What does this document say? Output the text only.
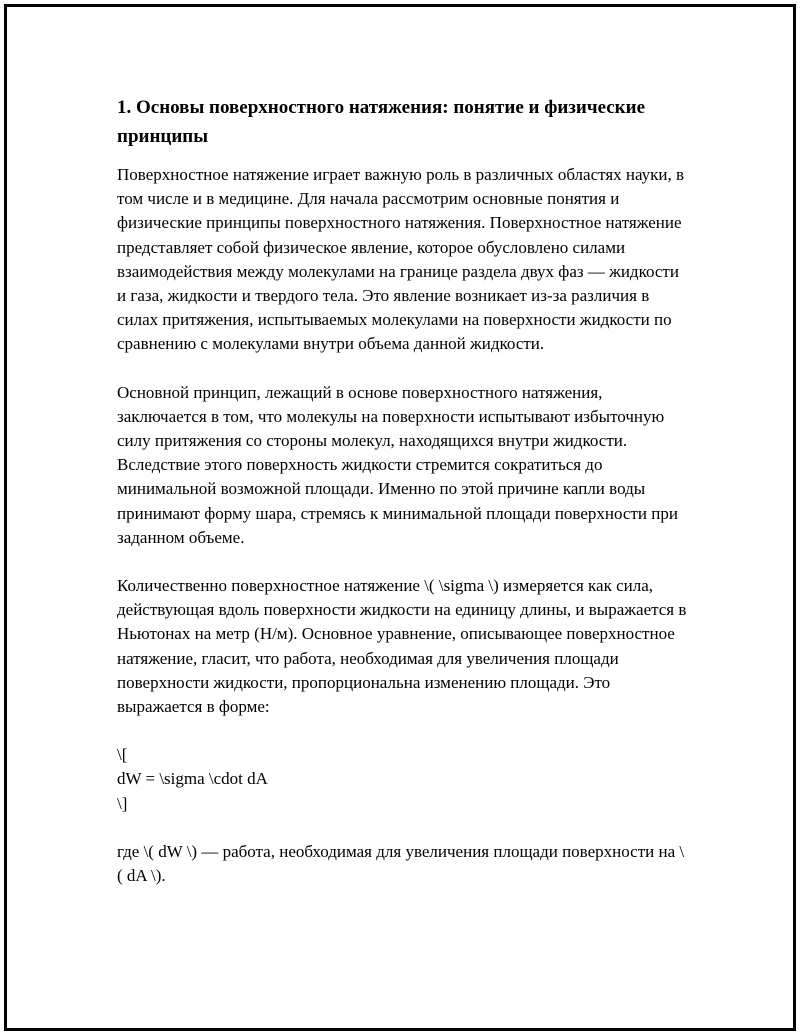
1. Основы поверхностного натяжения: понятие и физические принципы

Поверхностное натяжение играет важную роль в различных областях науки, в том числе и в медицине. Для начала рассмотрим основные понятия и физические принципы поверхностного натяжения. Поверхностное натяжение представляет собой физическое явление, которое обусловлено силами взаимодействия между молекулами на границе раздела двух фаз — жидкости и газа, жидкости и твердого тела. Это явление возникает из-за различия в силах притяжения, испытываемых молекулами на поверхности жидкости по сравнению с молекулами внутри объема данной жидкости.

Основной принцип, лежащий в основе поверхностного натяжения, заключается в том, что молекулы на поверхности испытывают избыточную силу притяжения со стороны молекул, находящихся внутри жидкости. Вследствие этого поверхность жидкости стремится сократиться до минимальной возможной площади. Именно по этой причине капли воды принимают форму шара, стремясь к минимальной площади поверхности при заданном объеме.

Количественно поверхностное натяжение \( \sigma \) измеряется как сила, действующая вдоль поверхности жидкости на единицу длины, и выражается в Ньютонах на метр (Н/м). Основное уравнение, описывающее поверхностное натяжение, гласит, что работа, необходимая для увеличения площади поверхности жидкости, пропорциональна изменению площади. Это выражается в форме:

\[

dW = \sigma \cdot dA

\]

где \( dW \) — работа, необходимая для увеличения площади поверхности на \( dA \).
